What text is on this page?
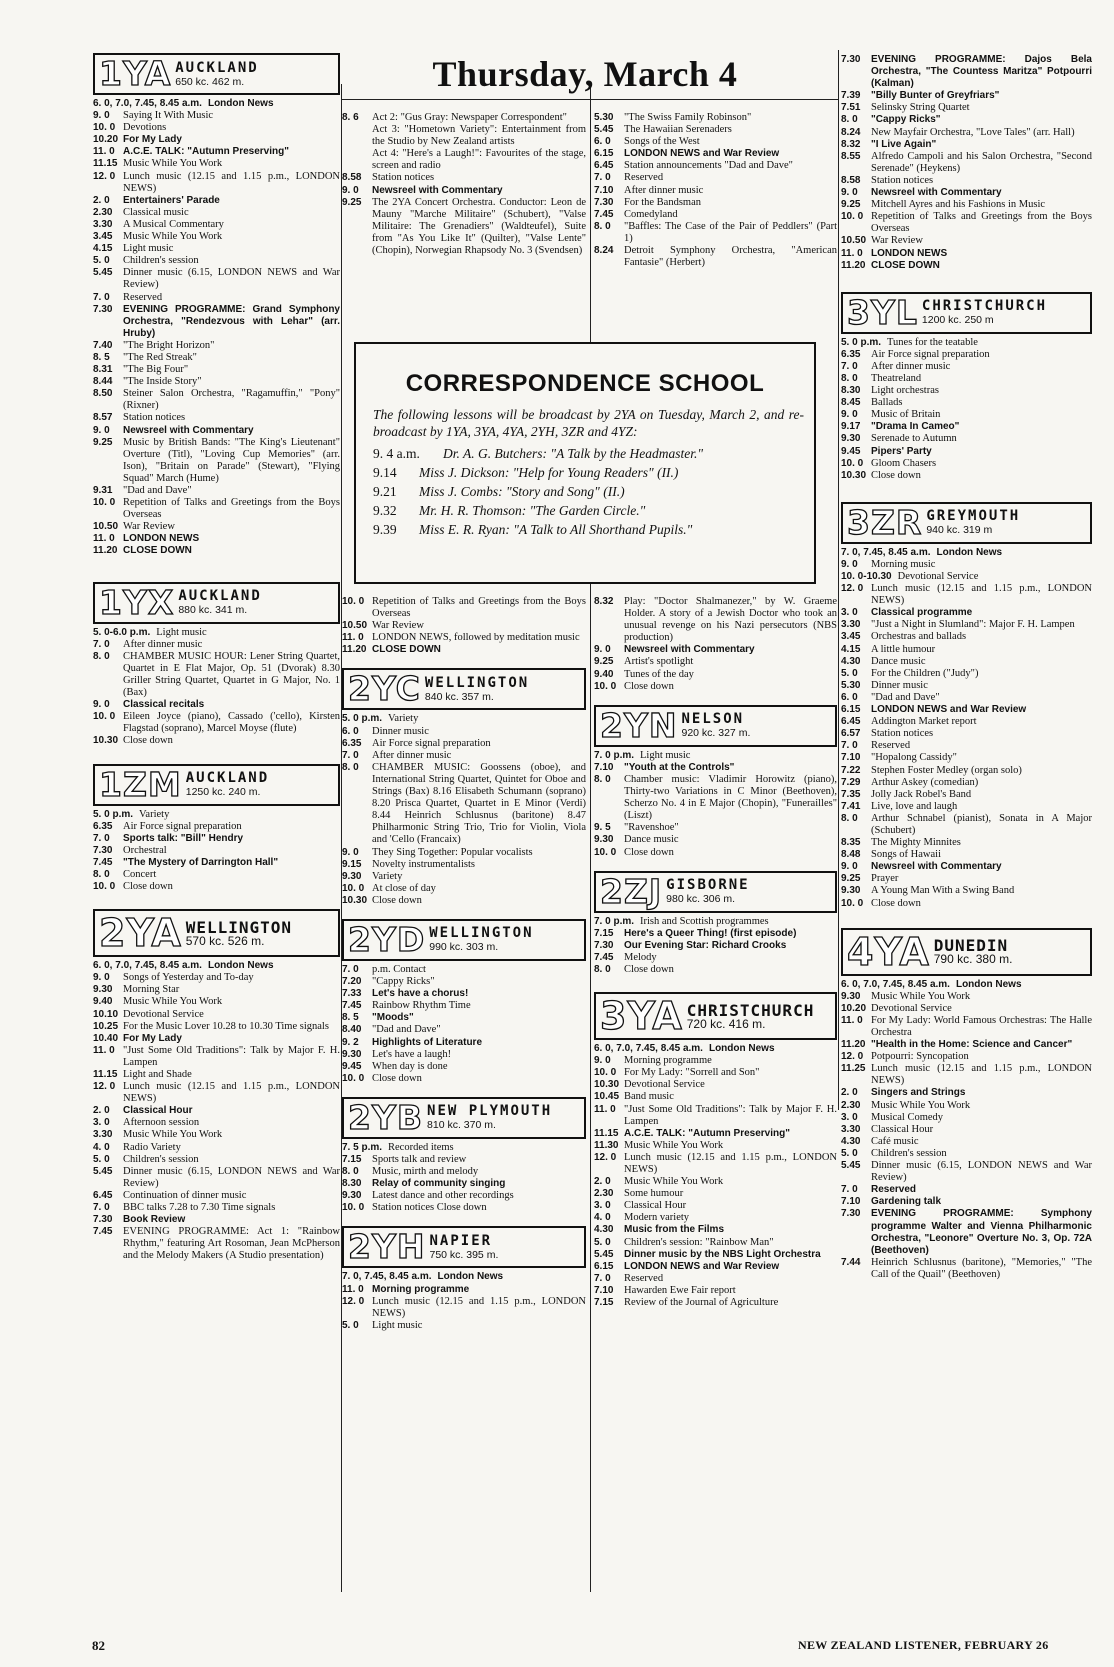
Thursday, March 4
1YA AUCKLAND
650 kc. 462 m.
6. 0, 7.0, 7.45, 8.45 a.m. London News
9. 0	Saying It With Music
10. 0 Devotions
10.20 For My Lady
11. 0 A.C.E. TALK: "Autumn Preserving"
11.15 Music While You Work
12. 0 Lunch music (12.15 and 1.15 p.m., LONDON NEWS)
2. 0	Entertainers' Parade
2.30	Classical music
3.30	A Musical Commentary
3.45	Music While You Work
4.15	Light music
5. 0	Children's session
5.45	Dinner music (6.15, LONDON NEWS and War Review)
7. 0	Reserved
7.30	EVENING PROGRAMME: Grand Symphony Orchestra, "Rendezvous with Lehar" (arr. Hruby)
7.40	"The Bright Horizon"
8. 5	"The Red Streak"
8.31	"The Big Four"
8.44	"The Inside Story"
8.50	Steiner Salon Orchestra, "Ragamuffin," "Pony" (Rixner)
8.57	Station notices
9. 0	Newsreel with Commentary
9.25	Music by British Bands: "The King's Lieutenant" Overture (Titl), "Loving Cup Memories" (arr. Ison), "Britain on Parade" (Stewart), "Flying Squad" March (Hume)
9.31	"Dad and Dave"
10. 0 Repetition of Talks and Greetings from the Boys Overseas
10.50 War Review
11. 0 LONDON NEWS
11.20 CLOSE DOWN
1YX AUCKLAND
880 kc. 341 m.
5. 0-6.0 p.m. Light music
7. 0	After dinner music
8. 0	CHAMBER MUSIC HOUR: Lener String Quartet, Quartet in E Flat Major, Op. 51 (Dvorak) 8.30 Griller String Quartet, Quartet in G Major, No. 1 (Bax)
9. 0	Classical recitals
10. 0 Eileen Joyce (piano), Cassado ('cello), Kirsten Flagstad (soprano), Marcel Moyse (flute)
10.30 Close down
1ZM AUCKLAND
1250 kc. 240 m.
5. 0 p.m. Variety
6.35	Air Force signal preparation
7. 0	Sports talk: "Bill" Hendry
7.30	Orchestral
7.45	"The Mystery of Darrington Hall"
8. 0	Concert
10. 0 Close down
2YA WELLINGTON
570 kc. 526 m.
6. 0, 7.0, 7.45, 8.45 a.m. London News
9. 0	Songs of Yesterday and To-day
9.30	Morning Star
9.40	Music While You Work
10.10 Devotional Service
10.25 For the Music Lover 10.28 to 10.30 Time signals
10.40 For My Lady
11. 0 "Just Some Old Traditions": Talk by Major F. H. Lampen
11.15 Light and Shade
12. 0 Lunch music (12.15 and 1.15 p.m., LONDON NEWS)
2. 0	Classical Hour
3. 0	Afternoon session
3.30	Music While You Work
4. 0	Radio Variety
5. 0	Children's session
5.45	Dinner music (6.15, LONDON NEWS and War Review)
6.45	Continuation of dinner music
7. 0	BBC talks 7.28 to 7.30 Time signals
7.30	Book Review
7.45	EVENING PROGRAMME: Act 1: "Rainbow Rhythm," featuring Art Rosoman, Jean McPherson and the Melody Makers (A Studio presentation)
8. 6	Act 2: "Gus Gray: Newspaper Correspondent"
Act 3: "Hometown Variety": Entertainment from the Studio by New Zealand artists
Act 4: "Here's a Laugh!": Favourites of the stage, screen and radio
8.58	Station notices
9. 0	Newsreel with Commentary
9.25	The 2YA Concert Orchestra. Conductor: Leon de Mauny "Marche Militaire" (Schubert), "Valse Militaire: The Grenadiers" (Waldteufel), Suite from "As You Like It" (Quilter), "Valse Lente" (Chopin), Norwegian Rhapsody No. 3 (Svendsen)
10. 0 Repetition of Talks and Greetings from the Boys Overseas
10.50 War Review
11. 0 LONDON NEWS, followed by meditation music
11.20 CLOSE DOWN
2YC WELLINGTON
840 kc. 357 m.
5. 0 p.m. Variety
6. 0	Dinner music
6.35	Air Force signal preparation
7. 0	After dinner music
8. 0	CHAMBER MUSIC: Goossens (oboe), and International String Quartet, Quintet for Oboe and Strings (Bax) 8.16 Elisabeth Schumann (soprano) 8.20 Prisca Quartet, Quartet in E Minor (Verdi) 8.44 Heinrich Schlusnus (baritone) 8.47 Philharmonic String Trio, Trio for Violin, Viola and 'Cello (Francaix)
9. 0	They Sing Together: Popular vocalists
9.15	Novelty instrumentalists
9.30	Variety
10. 0 At close of day
10.30 Close down
2YD WELLINGTON
990 kc. 303 m.
7. 0	p.m. Contact
7.20	"Cappy Ricks"
7.33	Let's have a chorus!
7.45	Rainbow Rhythm Time
8. 5	"Moods"
8.40	"Dad and Dave"
9. 2	Highlights of Literature
9.30	Let's have a laugh!
9.45	When day is done
10. 0 Close down
2YB NEW PLYMOUTH
810 kc. 370 m.
7. 5 p.m. Recorded items
7.15	Sports talk and review
8. 0	Music, mirth and melody
8.30	Relay of community singing
9.30	Latest dance and other recordings
10. 0 Station notices Close down
2YH NAPIER
750 kc. 395 m.
7. 0, 7.45, 8.45 a.m. London News
11. 0 Morning programme
12. 0 Lunch music (12.15 and 1.15 p.m., LONDON NEWS)
5. 0	Light music
5.30	"The Swiss Family Robinson"
5.45	The Hawaiian Serenaders
6. 0	Songs of the West
6.15	LONDON NEWS and War Review
6.45	Station announcements "Dad and Dave"
7. 0	Reserved
7.10	After dinner music
7.30	For the Bandsman
7.45	Comedyland
8. 0	"Baffles: The Case of the Pair of Peddlers" (Part 1)
8.24	Detroit Symphony Orchestra, "American Fantasie" (Herbert)
8.32	Play: "Doctor Shalmanezer," by W. Graeme Holder. A story of a Jewish Doctor who took an unusual revenge on his Nazi persecutors (NBS production)
9. 0	Newsreel with Commentary
9.25	Artist's spotlight
9.40	Tunes of the day
10. 0 Close down
2YN NELSON
920 kc. 327 m.
7. 0 p.m. Light music
7.10	"Youth at the Controls"
8. 0	Chamber music: Vladimir Horowitz (piano), Thirty-two Variations in C Minor (Beethoven), Scherzo No. 4 in E Major (Chopin), "Funerailles" (Liszt)
9. 5	"Ravenshoe"
9.30	Dance music
10. 0 Close down
2ZJ GISBORNE
980 kc. 306 m.
7. 0 p.m. Irish and Scottish programmes
7.15	Here's a Queer Thing! (first episode)
7.30	Our Evening Star: Richard Crooks
7.45	Melody
8. 0	Close down
3YA CHRISTCHURCH
720 kc. 416 m.
6. 0, 7.0, 7.45, 8.45 a.m. London News
9. 0	Morning programme
10. 0 For My Lady: "Sorrell and Son"
10.30 Devotional Service
10.45 Band music
11. 0 "Just Some Old Traditions": Talk by Major F. H. Lampen
11.15 A.C.E. TALK: "Autumn Preserving"
11.30 Music While You Work
12. 0 Lunch music (12.15 and 1.15 p.m., LONDON NEWS)
2. 0	Music While You Work
2.30	Some humour
3. 0	Classical Hour
4. 0	Modern variety
4.30	Music from the Films
5. 0	Children's session: "Rainbow Man"
5.45	Dinner music by the NBS Light Orchestra
6.15	LONDON NEWS and War Review
7. 0	Reserved
7.10	Hawarden Ewe Fair report
7.15	Review of the Journal of Agriculture
7.30	EVENING PROGRAMME: Dajos Bela Orchestra, "The Countess Maritza" Potpourri (Kalman)
7.39	"Billy Bunter of Greyfriars"
7.51	Selinsky String Quartet
8. 0	"Cappy Ricks"
8.24	New Mayfair Orchestra, "Love Tales" (arr. Hall)
8.32	"I Live Again"
8.55	Alfredo Campoli and his Salon Orchestra, "Second Serenade" (Heykens)
8.58	Station notices
9. 0	Newsreel with Commentary
9.25	Mitchell Ayres and his Fashions in Music
10. 0 Repetition of Talks and Greetings from the Boys Overseas
10.50 War Review
11. 0 LONDON NEWS
11.20 CLOSE DOWN
3YL CHRISTCHURCH
1200 kc. 250 m
5. 0 p.m. Tunes for the teatable
6.35	Air Force signal preparation
7. 0	After dinner music
8. 0	Theatreland
8.30	Light orchestras
8.45	Ballads
9. 0	Music of Britain
9.17	"Drama In Cameo"
9.30	Serenade to Autumn
9.45	Pipers' Party
10. 0 Gloom Chasers
10.30 Close down
3ZR GREYMOUTH
940 kc. 319 m
7. 0, 7.45, 8.45 a.m. London News
9. 0	Morning music
10. 0-10.30 Devotional Service
12. 0 Lunch music (12.15 and 1.15 p.m., LONDON NEWS)
3. 0	Classical programme
3.30	"Just a Night in Slumland": Major F. H. Lampen
3.45	Orchestras and ballads
4.15	A little humour
4.30	Dance music
5. 0	For the Children ("Judy")
5.30	Dinner music
6. 0	"Dad and Dave"
6.15	LONDON NEWS and War Review
6.45	Addington Market report
6.57	Station notices
7. 0	Reserved
7.10	"Hopalong Cassidy"
7.22	Stephen Foster Medley (organ solo)
7.29	Arthur Askey (comedian)
7.35	Jolly Jack Robel's Band
7.41	Live, love and laugh
8. 0	Arthur Schnabel (pianist), Sonata in A Major (Schubert)
8.35	The Mighty Minnites
8.48	Songs of Hawaii
9. 0	Newsreel with Commentary
9.25	Prayer
9.30	A Young Man With a Swing Band
10. 0 Close down
4YA DUNEDIN
790 kc. 380 m.
6. 0, 7.0, 7.45, 8.45 a.m. London News
9.30	Music While You Work
10.20 Devotional Service
11. 0 For My Lady: World Famous Orchestras: The Halle Orchestra
11.20 "Health in the Home: Science and Cancer"
12. 0 Potpourri: Syncopation
11.25 Lunch music (12.15 and 1.15 p.m., LONDON NEWS)
2. 0	Singers and Strings
2.30	Music While You Work
3. 0	Musical Comedy
3.30	Classical Hour
4.30	Café music
5. 0	Children's session
5.45	Dinner music (6.15, LONDON NEWS and War Review)
7. 0	Reserved
7.10	Gardening talk
7.30	EVENING PROGRAMME: Symphony programme Walter and Vienna Philharmonic Orchestra, "Leonore" Overture No. 3, Op. 72A (Beethoven)
7.44	Heinrich Schlusnus (baritone), "Memories," "The Call of the Quail" (Beethoven)
CORRESPONDENCE SCHOOL
The following lessons will be broadcast by 2YA on Tuesday, March 2, and re-broadcast by 1YA, 3YA, 4YA, 2YH, 3ZR and 4YZ:
9. 4 a.m. Dr. A. G. Butchers: "A Talk by the Headmaster."
9.14 Miss J. Dickson: "Help for Young Readers" (II.)
9.21 Miss J. Combs: "Story and Song" (II.)
9.32 Mr. H. R. Thomson: "The Garden Circle."
9.39 Miss E. R. Ryan: "A Talk to All Shorthand Pupils."
82	NEW ZEALAND LISTENER, FEBRUARY 26
